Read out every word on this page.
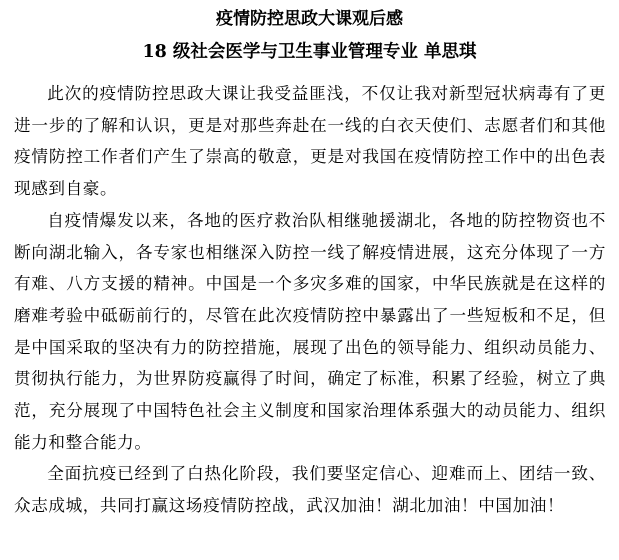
疫情防控思政大课观后感
18 级社会医学与卫生事业管理专业 单思琪

此次的疫情防控思政大课让我受益匪浅，不仅让我对新型冠状病毒有了更进一步的了解和认识，更是对那些奔赴在一线的白衣天使们、志愿者们和其他疫情防控工作者们产生了崇高的敬意，更是对我国在疫情防控工作中的出色表现感到自豪。

自疫情爆发以来，各地的医疗救治队相继驰援湖北，各地的防控物资也不断向湖北输入，各专家也相继深入防控一线了解疫情进展，这充分体现了一方有难、八方支援的精神。中国是一个多灾多难的国家，中华民族就是在这样的磨难考验中砥砺前行的，尽管在此次疫情防控中暴露出了一些短板和不足，但是中国采取的坚决有力的防控措施，展现了出色的领导能力、组织动员能力、贯彻执行能力，为世界防疫赢得了时间，确定了标准，积累了经验，树立了典范，充分展现了中国特色社会主义制度和国家治理体系强大的动员能力、组织能力和整合能力。

全面抗疫已经到了白热化阶段，我们要坚定信心、迎难而上、团结一致、众志成城，共同打赢这场疫情防控战，武汉加油！湖北加油！中国加油！
